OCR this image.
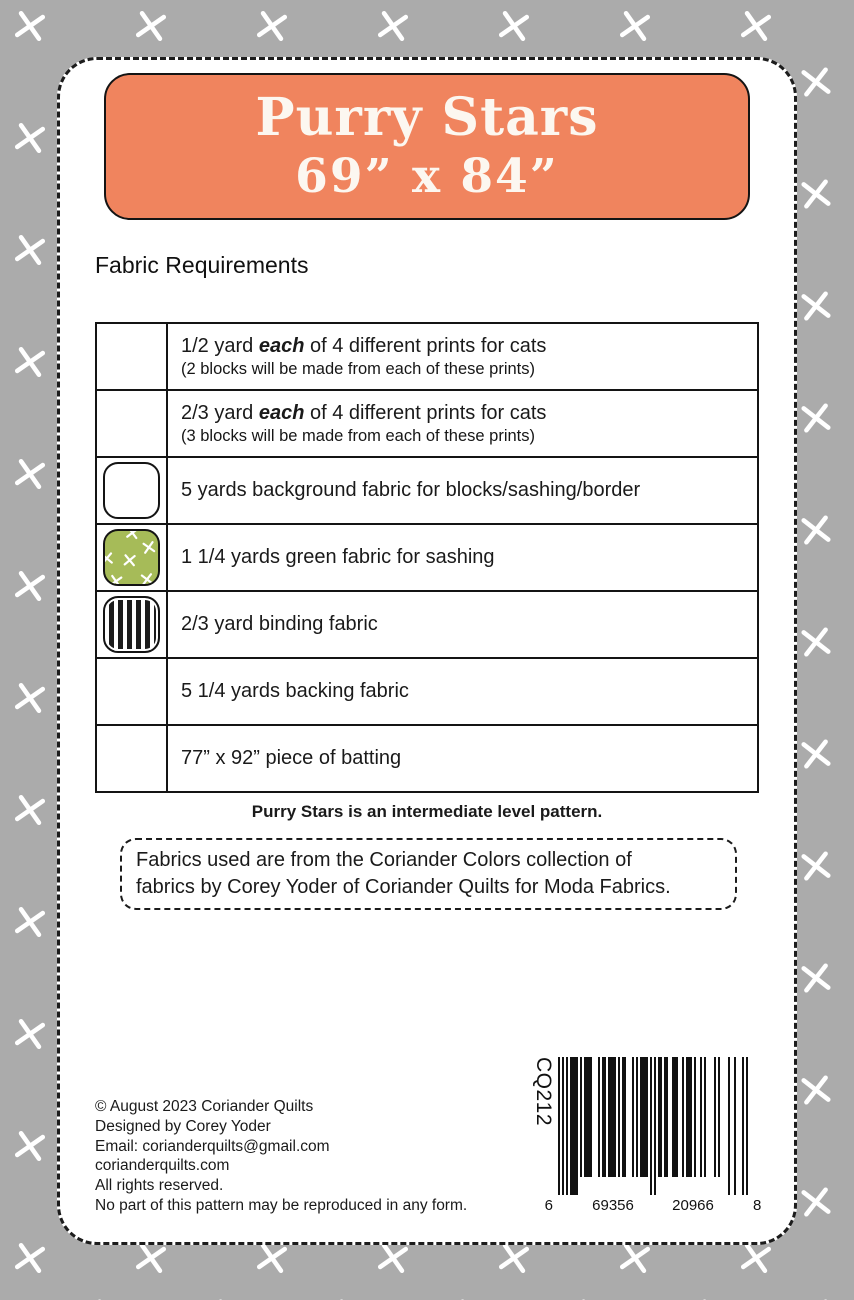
Purry Stars
69” x 84”
Fabric Requirements

	1/2 yard each of 4 different prints for cats
(2 blocks will be made from each of these prints)

	2/3 yard each of 4 different prints for cats
(3 blocks will be made from each of these prints)

	5 yards background fabric for blocks/sashing/border

1 1/4 yards green fabric for sashing

	2/3 yard binding fabric

	5 1/4 yards backing fabric

	77” x 92” piece of batting
Purry Stars is an intermediate level pattern.
Fabrics used are from the Coriander Colors collection of
fabrics by Corey Yoder of Coriander Quilts for Moda Fabrics.
© August 2023 Coriander Quilts
Designed by Corey Yoder
Email: corianderquilts@gmail.com
corianderquilts.com
All rights reserved.
No part of this pattern may be reproduced in any form.
CQ212
6	69356	20966	8
